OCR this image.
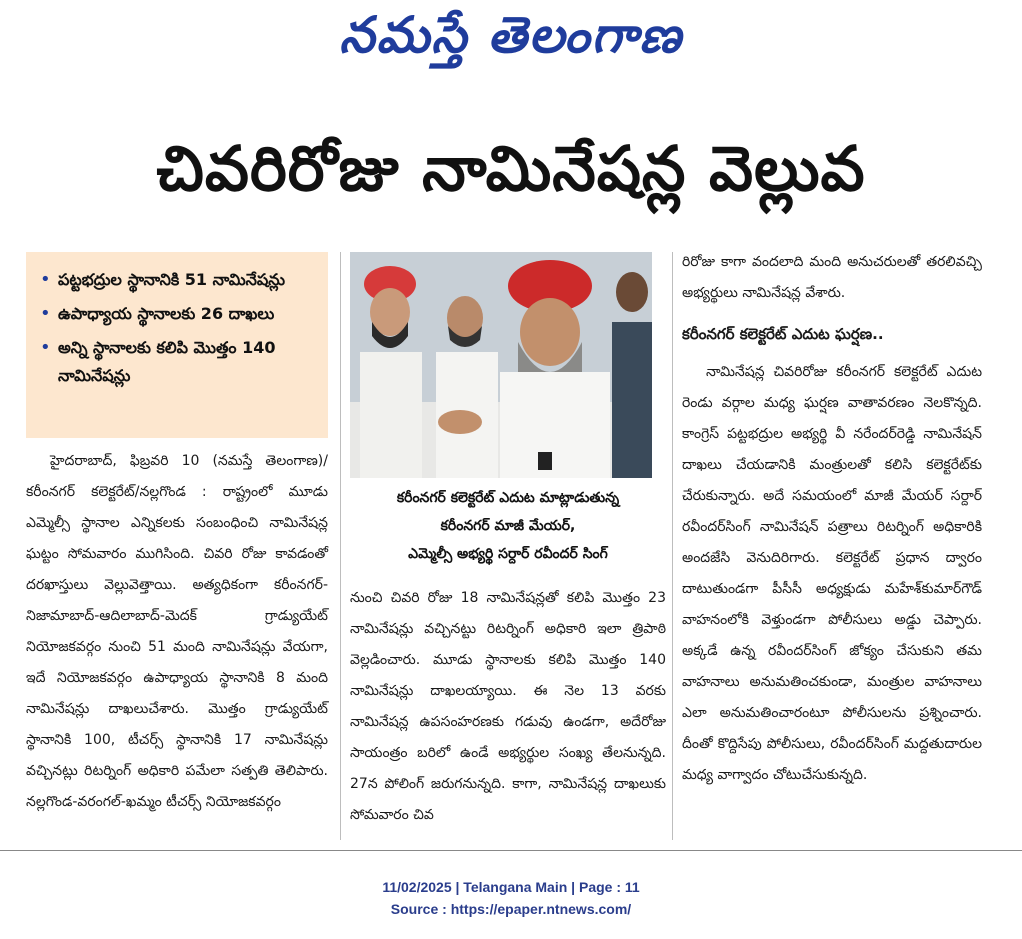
నమస్తే తెలంగాణ
చివరిరోజు నామినేషన్ల వెల్లువ
• పట్టభద్రుల స్థానానికి 51 నామినేషన్లు
• ఉపాధ్యాయ స్థానాలకు 26 దాఖలు
• అన్ని స్థానాలకు కలిపి మొత్తం 140 నామినేషన్లు

హైదరాబాద్, ఫిబ్రవరి 10 (నమస్తే తెలంగాణ)/కరీంనగర్ కలెక్టరేట్/నల్లగొండ : రాష్ట్రంలో మూడు ఎమ్మెల్సీ స్థానాల ఎన్నికలకు సంబంధించి నామినేషన్ల ఘట్టం సోమవారం ముగిసింది. చివరి రోజు కావడంతో దరఖాస్తులు వెల్లువెత్తాయి. అత్యధికంగా కరీంనగర్-నిజామాబాద్-ఆదిలాబాద్-మెదక్ గ్రాడ్యుయేట్ నియోజకవర్గం నుంచి 51 మంది నామినేషన్లు వేయగా, ఇదే నియోజకవర్గం ఉపాధ్యాయ స్థానానికి 8 మంది నామినేషన్లు దాఖలుచేశారు. మొత్తం గ్రాడ్యుయేట్ స్థానానికి 100, టీచర్స్ స్థానానికి 17 నామినేషన్లు వచ్చినట్లు రిటర్నింగ్ అధికారి పమేలా సత్పతి తెలిపారు. నల్లగొండ-వరంగల్-ఖమ్మం టీచర్స్ నియోజకవర్గం

కరీంనగర్ కలెక్టరేట్ ఎదుట మాట్లాడుతున్న
కరీంనగర్ మాజీ మేయర్,
ఎమ్మెల్సీ అభ్యర్థి సర్దార్ రవీందర్ సింగ్

నుంచి చివరి రోజు 18 నామినేషన్లతో కలిపి మొత్తం 23 నామినేషన్లు వచ్చినట్టు రిటర్నింగ్ అధికారి ఇలా త్రిపాఠి వెల్లడించారు. మూడు స్థానాలకు కలిపి మొత్తం 140 నామినేషన్లు దాఖలయ్యాయి. ఈ నెల 13 వరకు నామినేషన్ల ఉపసంహరణకు గడువు ఉండగా, అదేరోజు సాయంత్రం బరిలో ఉండే అభ్యర్థుల సంఖ్య తేలనున్నది. 27న పోలింగ్ జరుగనున్నది. కాగా, నామినేషన్ల దాఖలుకు సోమవారం చివ

రిరోజు కాగా వందలాది మంది అనుచరులతో తరలివచ్చి అభ్యర్థులు నామినేషన్ల వేశారు.

కరీంనగర్ కలెక్టరేట్ ఎదుట ఘర్షణ..

నామినేషన్ల చివరిరోజు కరీంనగర్ కలెక్టరేట్ ఎదుట రెండు వర్గాల మధ్య ఘర్షణ వాతావరణం నెలకొన్నది. కాంగ్రెస్ పట్టభద్రుల అభ్యర్థి వీ నరేందర్‌రెడ్డి నామినేషన్ దాఖలు చేయడానికి మంత్రులతో కలిసి కలెక్టరేట్‌కు చేరుకున్నారు. అదే సమయంలో మాజీ మేయర్ సర్దార్ రవీందర్‌సింగ్ నామినేషన్ పత్రాలు రిటర్నింగ్ అధికారికి అందజేసి వెనుదిరిగారు. కలెక్టరేట్ ప్రధాన ద్వారం దాటుతుండగా పీసీసీ అధ్యక్షుడు మహేశ్‌కుమార్‌గౌడ్ వాహనంలోకి వెళ్తుండగా పోలీసులు అడ్డు చెప్పారు. అక్కడే ఉన్న రవీందర్‌సింగ్ జోక్యం చేసుకుని తమ వాహనాలు అనుమతించకుండా, మంత్రుల వాహనాలు ఎలా అనుమతించారంటూ పోలీసులను ప్రశ్నించారు. దీంతో కొద్దిసేపు పోలీసులు, రవీందర్‌సింగ్ మద్దతుదారుల మధ్య వాగ్వాదం చోటుచేసుకున్నది.

11/02/2025 | Telangana Main | Page : 11
Source : https://epaper.ntnews.com/
